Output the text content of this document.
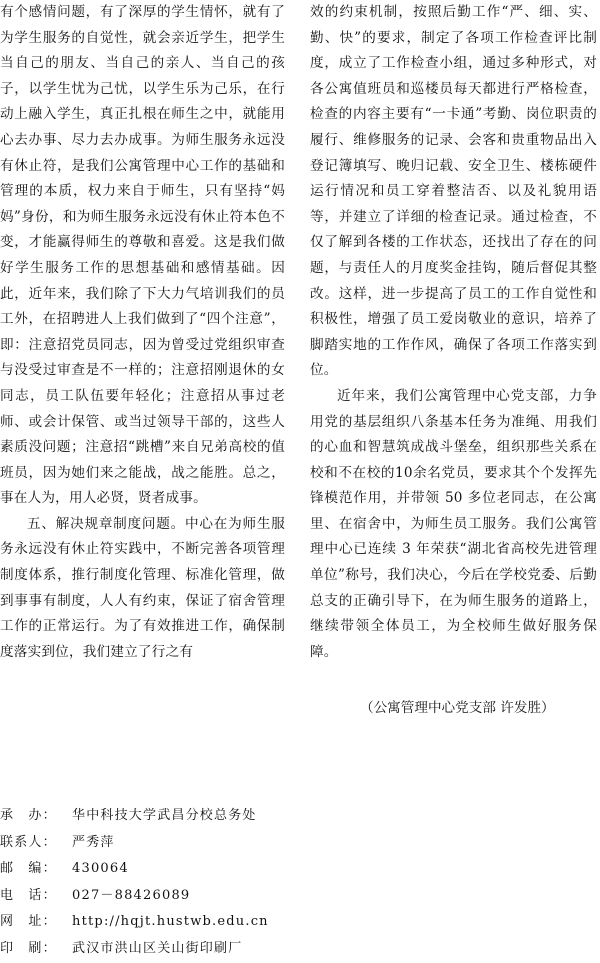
有个感情问题，有了深厚的学生情怀，就有了为学生服务的自觉性，就会亲近学生，把学生当自己的朋友、当自己的亲人、当自己的孩子，以学生忧为己忧，以学生乐为己乐，在行动上融入学生，真正扎根在师生之中，就能用心去办事、尽力去办成事。为师生服务永远没有休止符，是我们公寓管理中心工作的基础和管理的本质，权力来自于师生，只有坚持“妈妈”身份，和为师生服务永远没有休止符本色不变，才能赢得师生的尊敬和喜爱。这是我们做好学生服务工作的思想基础和感情基础。因此，近年来，我们除了下大力气培训我们的员工外，在招聘进人上我们做到了“四个注意”，即：注意招党员同志，因为曾受过党组织审查与没受过审查是不一样的；注意招刚退休的女同志，员工队伍要年轻化；注意招从事过老师、或会计保管、或当过领导干部的，这些人素质没问题；注意招“跳槽”来自兄弟高校的值班员，因为她们来之能战，战之能胜。总之，事在人为，用人必贤，贤者成事。

五、解决规章制度问题。中心在为师生服务永远没有休止符实践中，不断完善各项管理制度体系，推行制度化管理、标准化管理，做到事事有制度，人人有约束，保证了宿舍管理工作的正常运行。为了有效推进工作，确保制度落实到位，我们建立了行之有

效的约束机制，按照后勤工作“严、细、实、勤、快”的要求，制定了各项工作检查评比制度，成立了工作检查小组，通过多种形式，对各公寓值班员和巡楼员每天都进行严格检查，检查的内容主要有“一卡通”考勤、岗位职责的履行、维修服务的记录、会客和贵重物品出入登记簿填写、晚归记载、安全卫生、楼栋硬件运行情况和员工穿着整洁否、以及礼貌用语等，并建立了详细的检查记录。通过检查，不仅了解到各楼的工作状态，还找出了存在的问题，与责任人的月度奖金挂钩，随后督促其整改。这样，进一步提高了员工的工作自觉性和积极性，增强了员工爱岗敬业的意识，培养了脚踏实地的工作作风，确保了各项工作落实到位。

近年来，我们公寓管理中心党支部，力争用党的基层组织八条基本任务为准绳、用我们的心血和智慧筑成战斗堡垒，组织那些关系在校和不在校的10余名党员，要求其个个发挥先锋模范作用，并带领 50 多位老同志，在公寓里、在宿舍中，为师生员工服务。我们公寓管理中心已连续 3 年荣获“湖北省高校先进管理单位”称号，我们决心，今后在学校党委、后勤总支的正确引导下，在为师生服务的道路上，继续带领全体员工，为全校师生做好服务保障。

（公寓管理中心党支部 许发胜）
承　办： 华中科技大学武昌分校总务处
联系人： 严秀萍
邮　编： 430064
电　话： 027－88426089
网　址： http://hqjt.hustwb.edu.cn
印　刷： 武汉市洪山区关山街印刷厂
